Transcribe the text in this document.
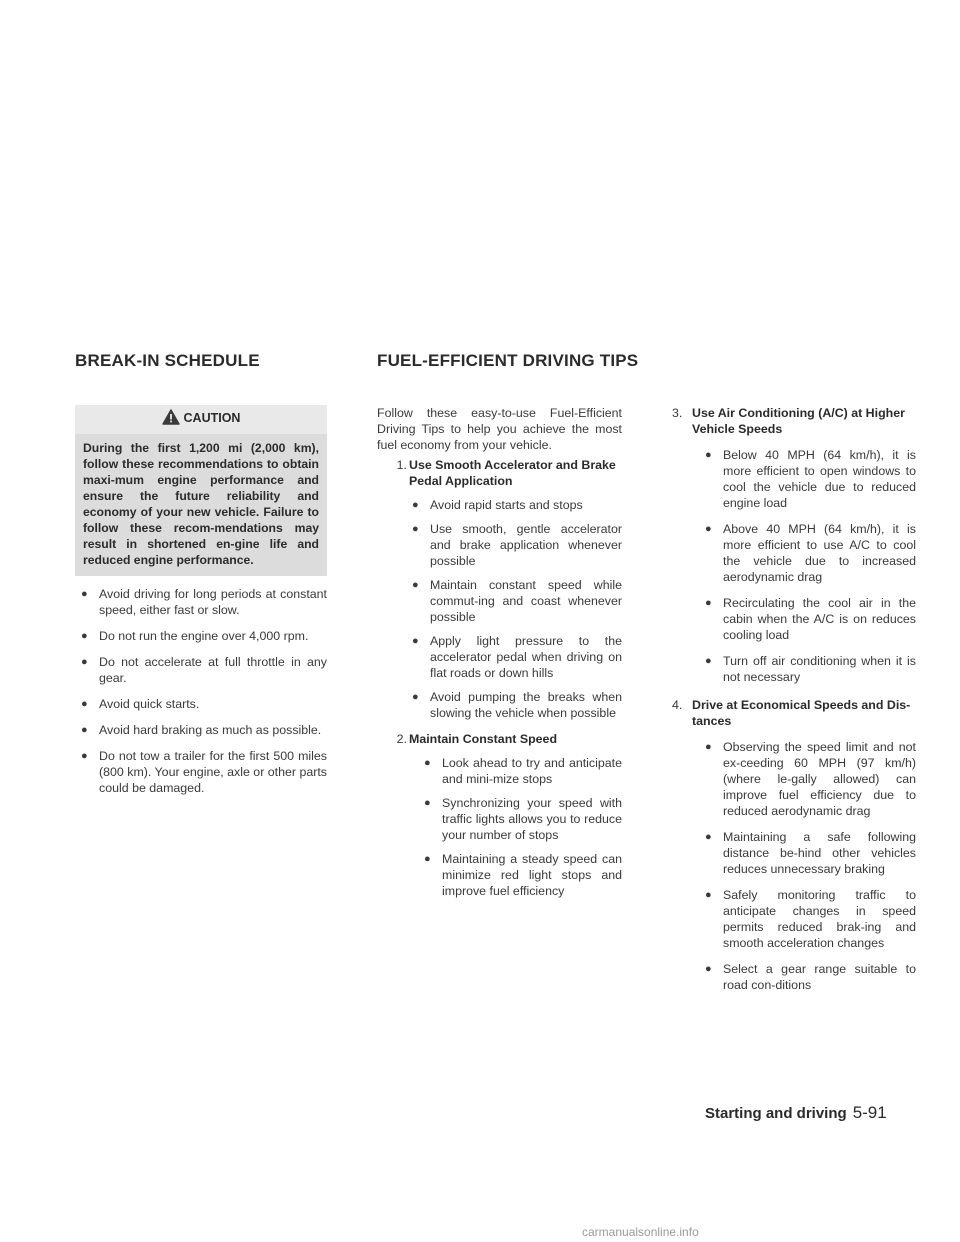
BREAK-IN SCHEDULE	FUEL-EFFICIENT DRIVING TIPS
CAUTION
During the first 1,200 mi (2,000 km), follow these recommendations to obtain maxi-mum engine performance and ensure the future reliability and economy of your new vehicle. Failure to follow these recom-mendations may result in shortened en-gine life and reduced engine performance.
● Avoid driving for long periods at constant speed, either fast or slow.
● Do not run the engine over 4,000 rpm.
● Do not accelerate at full throttle in any gear.
● Avoid quick starts.
● Avoid hard braking as much as possible.
● Do not tow a trailer for the first 500 miles (800 km). Your engine, axle or other parts could be damaged.
Follow these easy-to-use Fuel-Efficient Driving Tips to help you achieve the most fuel economy from your vehicle.
1. Use Smooth Accelerator and Brake
Pedal Application
● Avoid rapid starts and stops
● Use smooth, gentle accelerator and brake application whenever possible
● Maintain constant speed while commut-ing and coast whenever possible
● Apply light pressure to the accelerator pedal when driving on flat roads or down hills
● Avoid pumping the breaks when slowing the vehicle when possible
2. Maintain Constant Speed
● Look ahead to try and anticipate and mini-mize stops
● Synchronizing your speed with traffic lights allows you to reduce your number of stops
● Maintaining a steady speed can minimize red light stops and improve fuel efficiency
3. Use Air Conditioning (A/C) at Higher
Vehicle Speeds
● Below 40 MPH (64 km/h), it is more efficient to open windows to cool the vehicle due to reduced engine load
● Above 40 MPH (64 km/h), it is more efficient to use A/C to cool the vehicle due to increased aerodynamic drag
● Recirculating the cool air in the cabin when the A/C is on reduces cooling load
● Turn off air conditioning when it is not necessary
4. Drive at Economical Speeds and Dis-
tances
● Observing the speed limit and not ex-ceeding 60 MPH (97 km/h) (where le-gally allowed) can improve fuel efficiency due to reduced aerodynamic drag
● Maintaining a safe following distance be-hind other vehicles reduces unnecessary braking
● Safely monitoring traffic to anticipate changes in speed permits reduced brak-ing and smooth acceleration changes
● Select a gear range suitable to road con-ditions
Starting and driving 5-91
carmanualsonline.info
